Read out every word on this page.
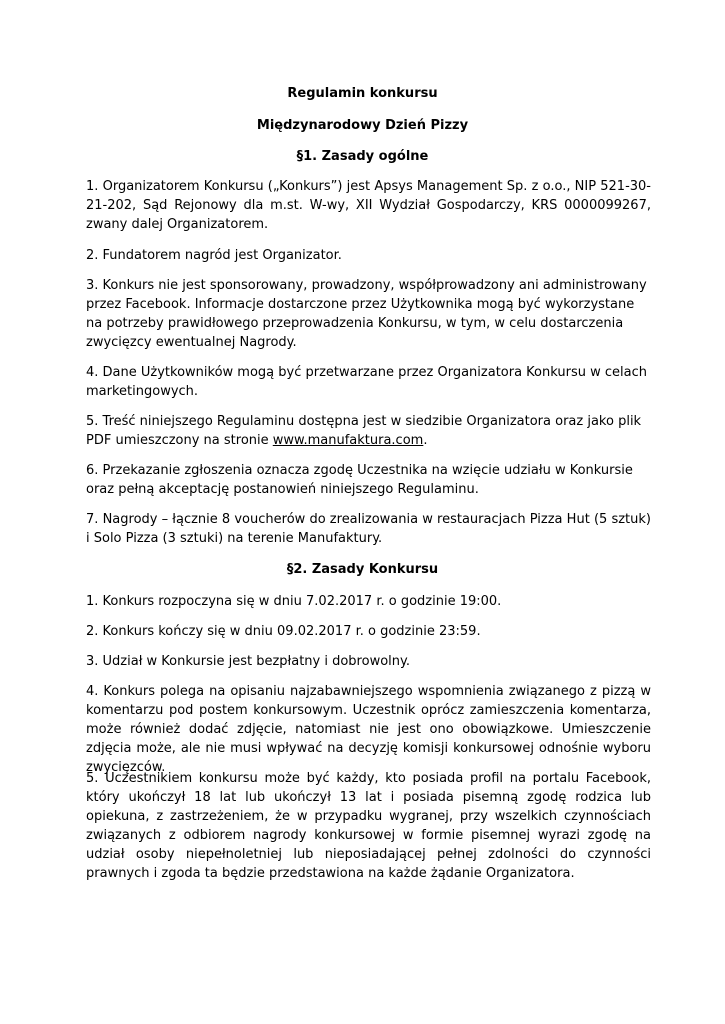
Regulamin konkursu
Międzynarodowy Dzień Pizzy
§1. Zasady ogólne
1. Organizatorem Konkursu („Konkurs”) jest Apsys Management Sp. z o.o., NIP 521-30-21-202, Sąd Rejonowy dla m.st. W-wy, XII Wydział Gospodarczy, KRS 0000099267, zwany dalej Organizatorem.
2. Fundatorem nagród jest Organizator.
3. Konkurs nie jest sponsorowany, prowadzony, współprowadzony ani administrowany przez Facebook. Informacje dostarczone przez Użytkownika mogą być wykorzystane na potrzeby prawidłowego przeprowadzenia Konkursu, w tym, w celu dostarczenia zwycięzcy ewentualnej Nagrody.
4. Dane Użytkowników mogą być przetwarzane przez Organizatora Konkursu w celach marketingowych.
5. Treść niniejszego Regulaminu dostępna jest w siedzibie Organizatora oraz jako plik PDF umieszczony na stronie www.manufaktura.com.
6. Przekazanie zgłoszenia oznacza zgodę Uczestnika na wzięcie udziału w Konkursie oraz pełną akceptację postanowień niniejszego Regulaminu.
7. Nagrody – łącznie 8 voucherów do zrealizowania w restauracjach Pizza Hut (5 sztuk) i Solo Pizza (3 sztuki) na terenie Manufaktury.
§2. Zasady Konkursu
1. Konkurs rozpoczyna się w dniu 7.02.2017 r. o godzinie 19:00.
2. Konkurs kończy się w dniu 09.02.2017 r. o godzinie 23:59.
3. Udział w Konkursie jest bezpłatny i dobrowolny.
4. Konkurs polega na opisaniu najzabawniejszego wspomnienia związanego z pizzą w komentarzu pod postem konkursowym. Uczestnik oprócz zamieszczenia komentarza, może również dodać zdjęcie, natomiast nie jest ono obowiązkowe. Umieszczenie zdjęcia może, ale nie musi wpływać na decyzję komisji konkursowej odnośnie wyboru zwycięzców.
5. Uczestnikiem konkursu może być każdy, kto posiada profil na portalu Facebook, który ukończył 18 lat lub ukończył 13 lat i posiada pisemną zgodę rodzica lub opiekuna, z zastrzeżeniem, że w przypadku wygranej, przy wszelkich czynnościach związanych z odbiorem nagrody konkursowej w formie pisemnej wyrazi zgodę na udział osoby niepełnoletniej lub nieposiadającej pełnej zdolności do czynności prawnych i zgoda ta będzie przedstawiona na każde żądanie Organizatora.
